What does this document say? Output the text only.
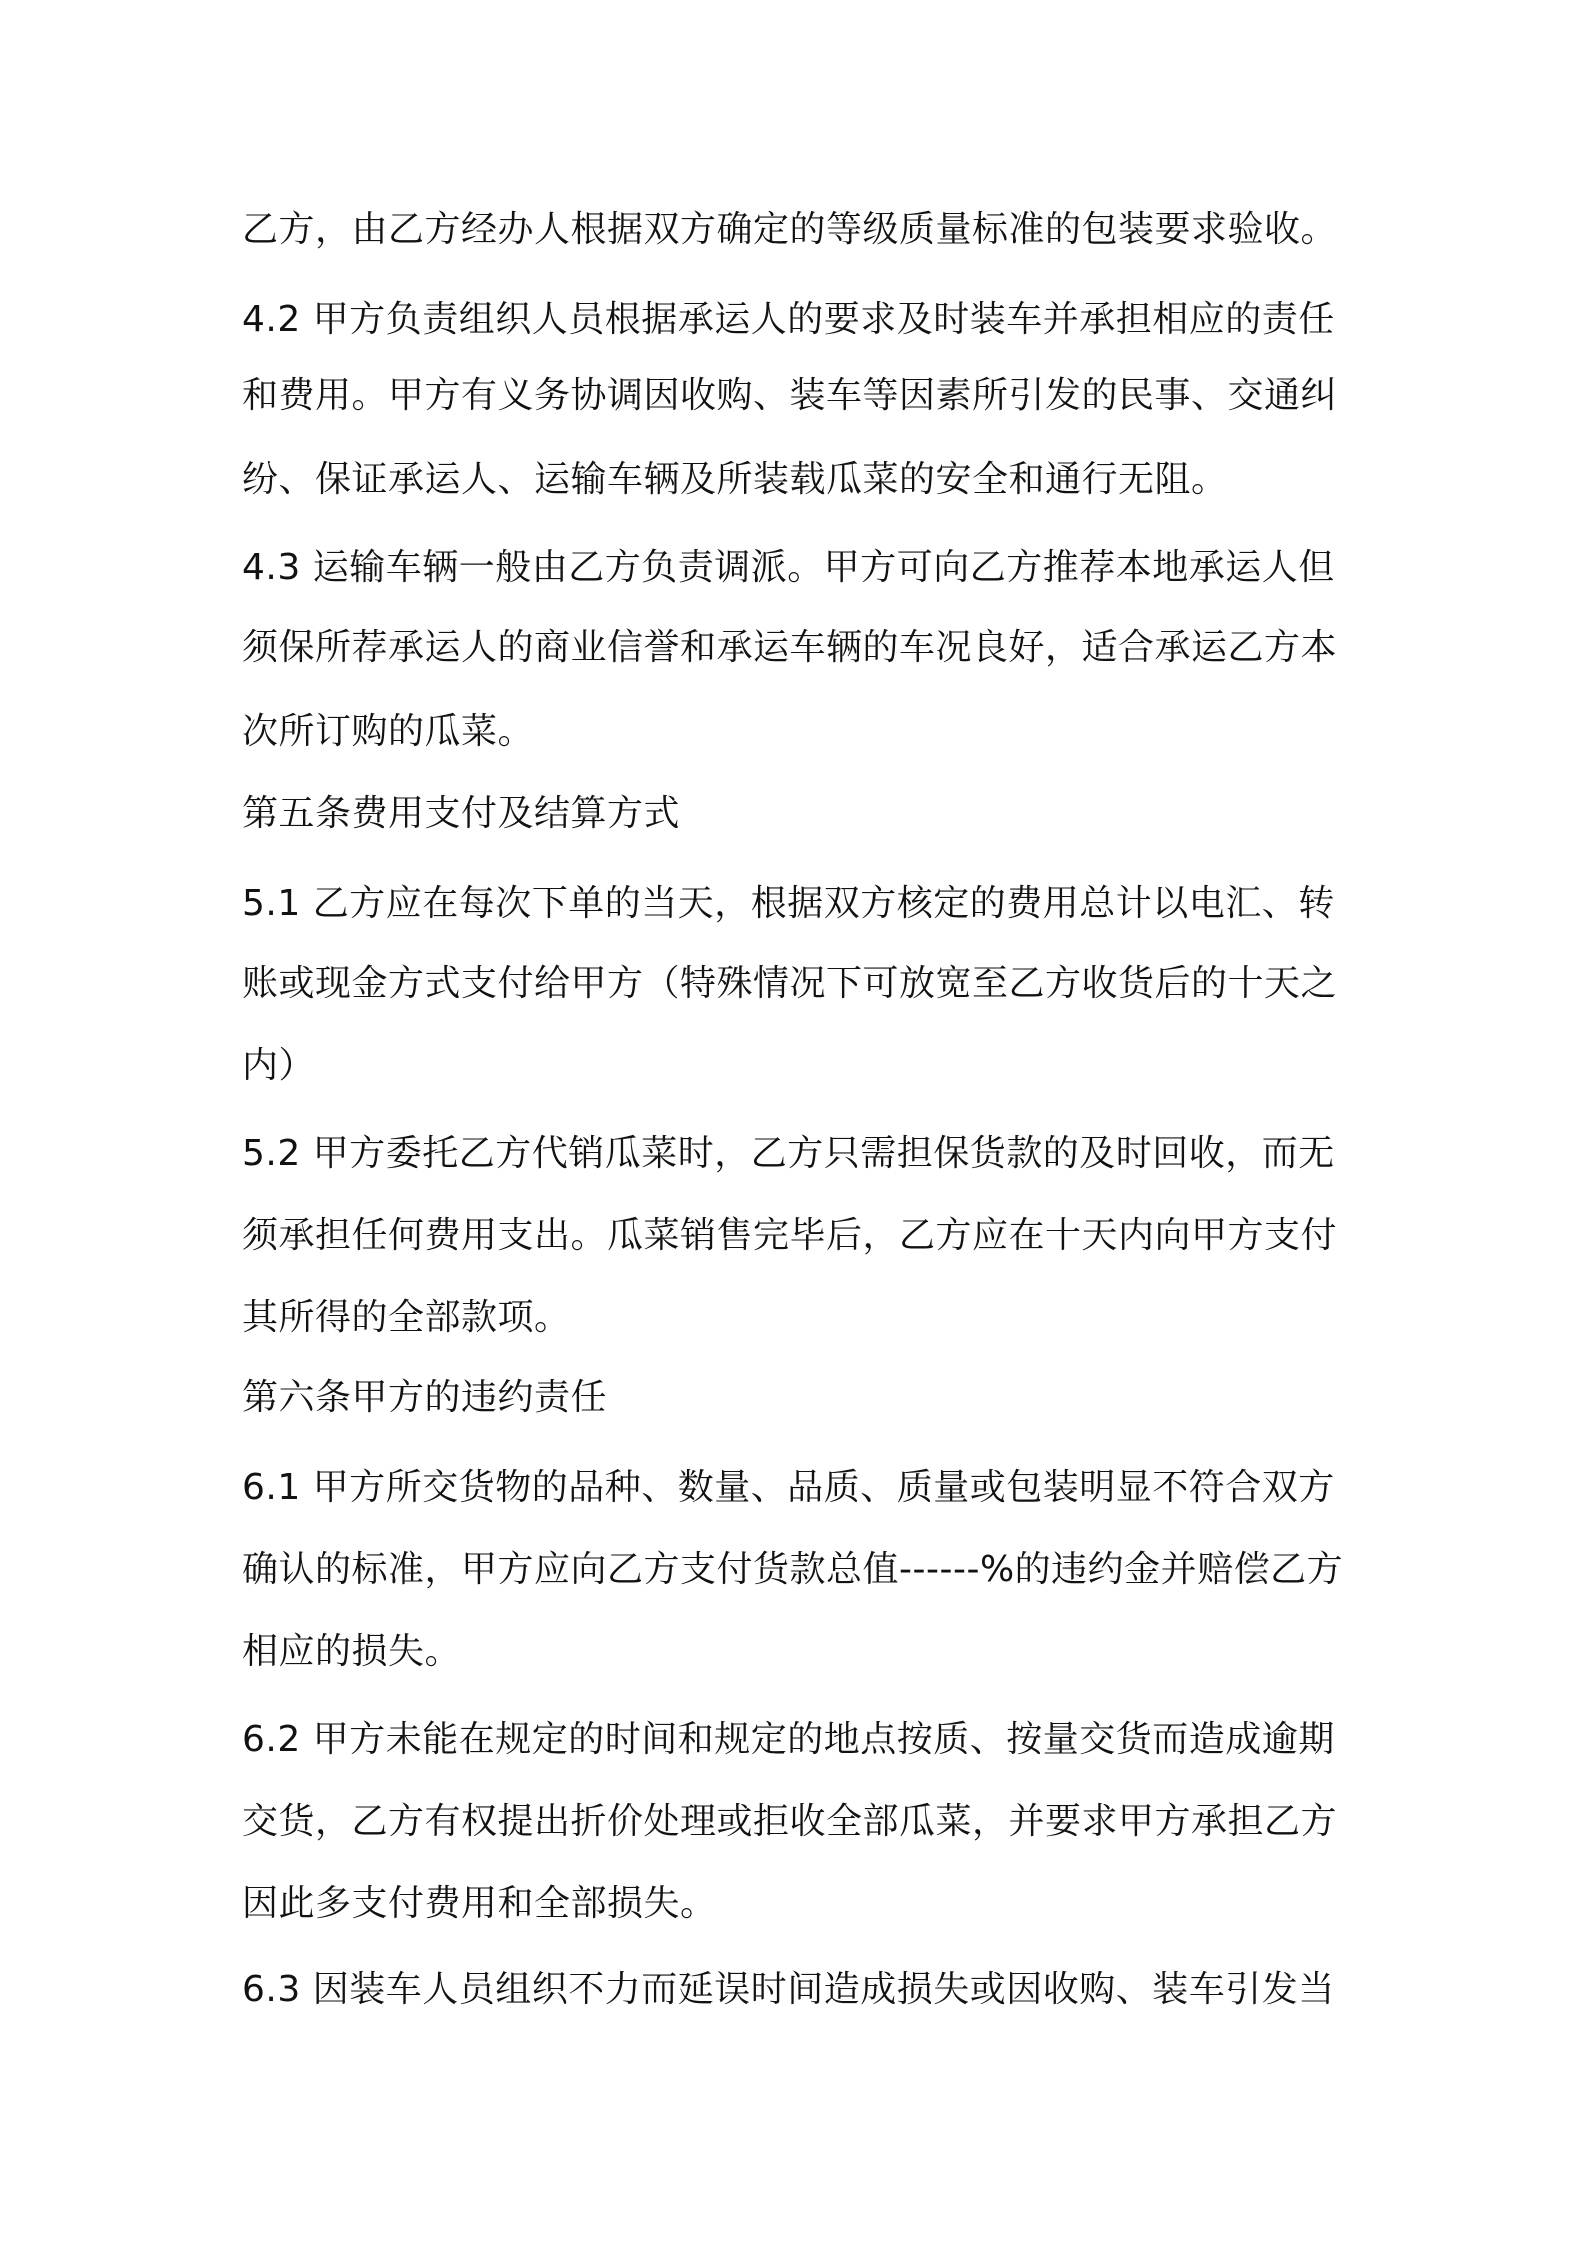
乙方，由乙方经办人根据双方确定的等级质量标准的包装要求验收。
4.2 甲方负责组织人员根据承运人的要求及时装车并承担相应的责任
和费用。甲方有义务协调因收购、装车等因素所引发的民事、交通纠
纷、保证承运人、运输车辆及所装载瓜菜的安全和通行无阻。
4.3 运输车辆一般由乙方负责调派。甲方可向乙方推荐本地承运人但
须保所荐承运人的商业信誉和承运车辆的车况良好，适合承运乙方本
次所订购的瓜菜。
第五条费用支付及结算方式
5.1 乙方应在每次下单的当天，根据双方核定的费用总计以电汇、转
账或现金方式支付给甲方（特殊情况下可放宽至乙方收货后的十天之
内）
5.2 甲方委托乙方代销瓜菜时，乙方只需担保货款的及时回收，而无
须承担任何费用支出。瓜菜销售完毕后，乙方应在十天内向甲方支付
其所得的全部款项。
第六条甲方的违约责任
6.1 甲方所交货物的品种、数量、品质、质量或包装明显不符合双方
确认的标准，甲方应向乙方支付货款总值------%的违约金并赔偿乙方
相应的损失。
6.2 甲方未能在规定的时间和规定的地点按质、按量交货而造成逾期
交货，乙方有权提出折价处理或拒收全部瓜菜，并要求甲方承担乙方
因此多支付费用和全部损失。
6.3 因装车人员组织不力而延误时间造成损失或因收购、装车引发当
